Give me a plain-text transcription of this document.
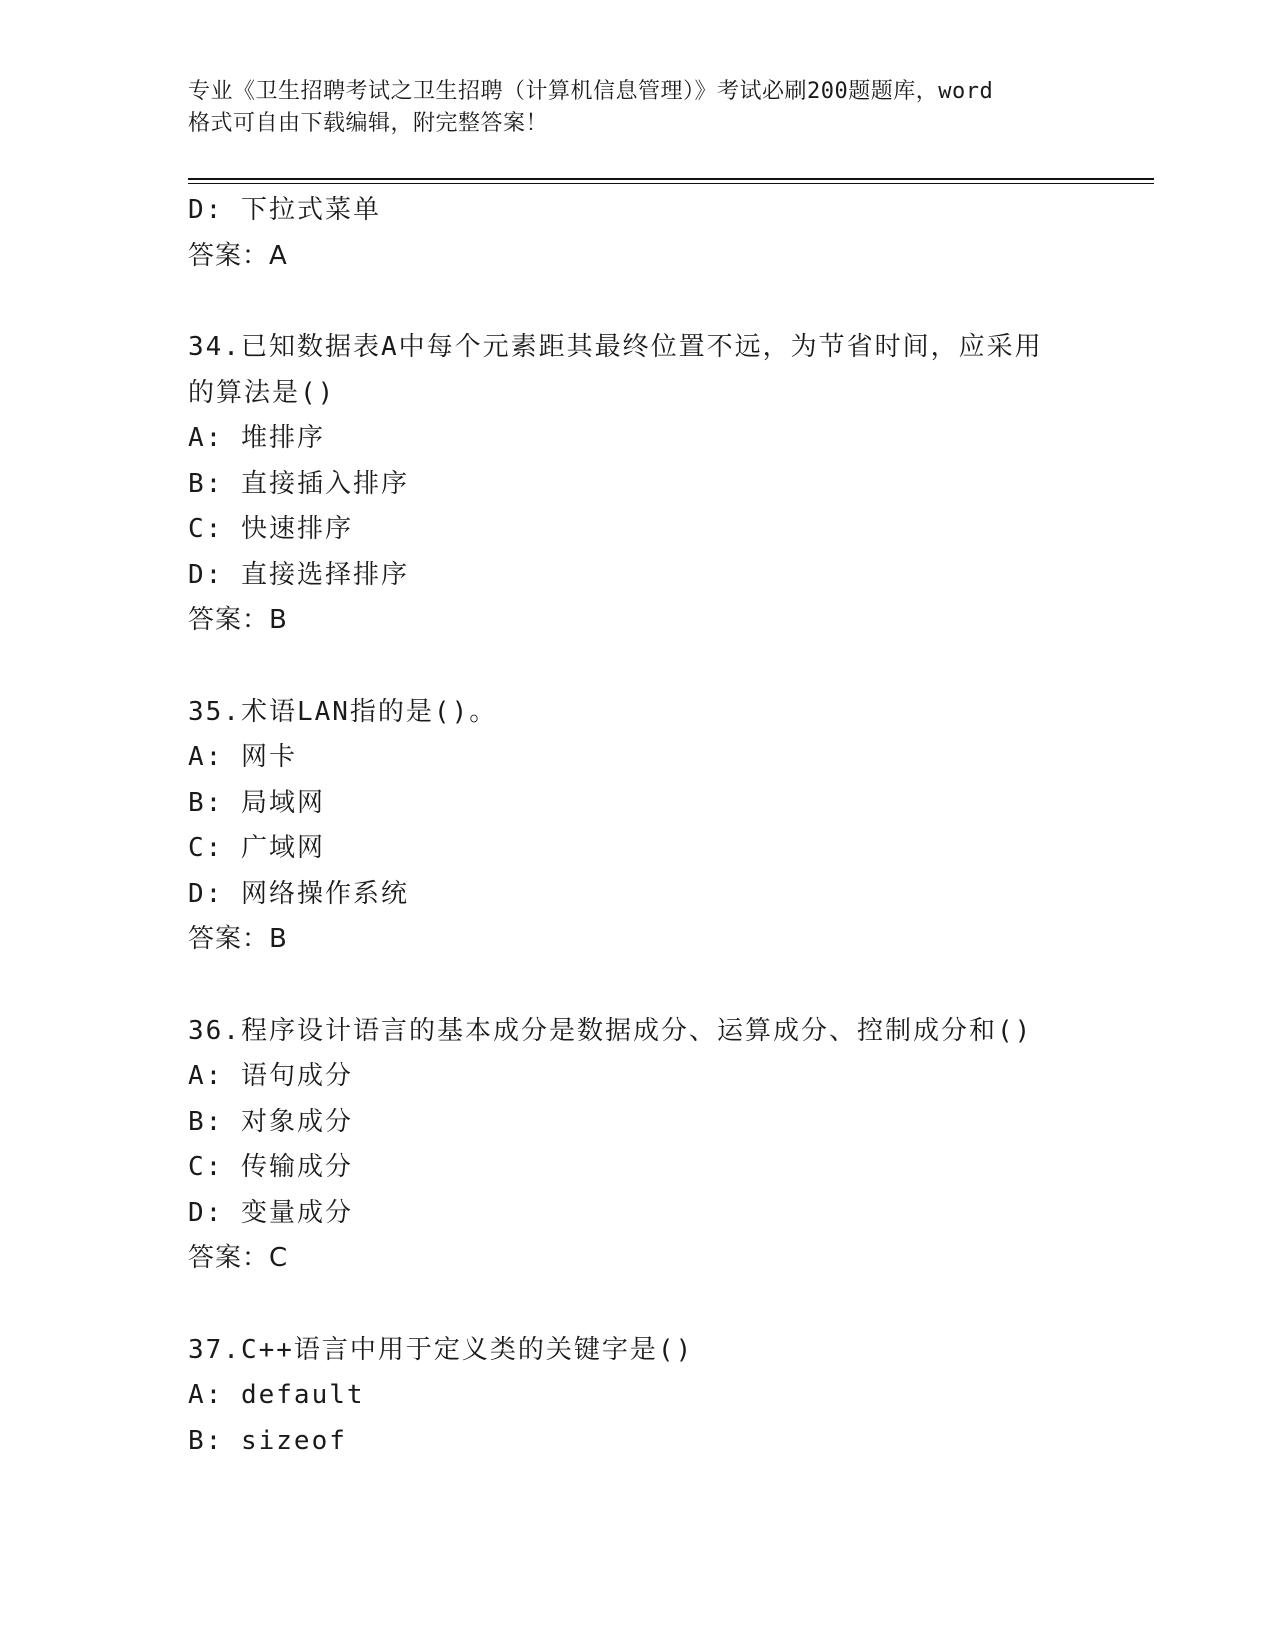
专业《卫生招聘考试之卫生招聘（计算机信息管理）》考试必刷200题题库，word
格式可自由下载编辑，附完整答案！
D: 下拉式菜单
答案：A
34.已知数据表A中每个元素距其最终位置不远，为节省时间，应采用
的算法是()
A: 堆排序
B: 直接插入排序
C: 快速排序
D: 直接选择排序
答案：B
35.术语LAN指的是()。
A: 网卡
B: 局域网
C: 广域网
D: 网络操作系统
答案：B
36.程序设计语言的基本成分是数据成分、运算成分、控制成分和()
A: 语句成分
B: 对象成分
C: 传输成分
D: 变量成分
答案：C
37.C++语言中用于定义类的关键字是()
A: default
B: sizeof
